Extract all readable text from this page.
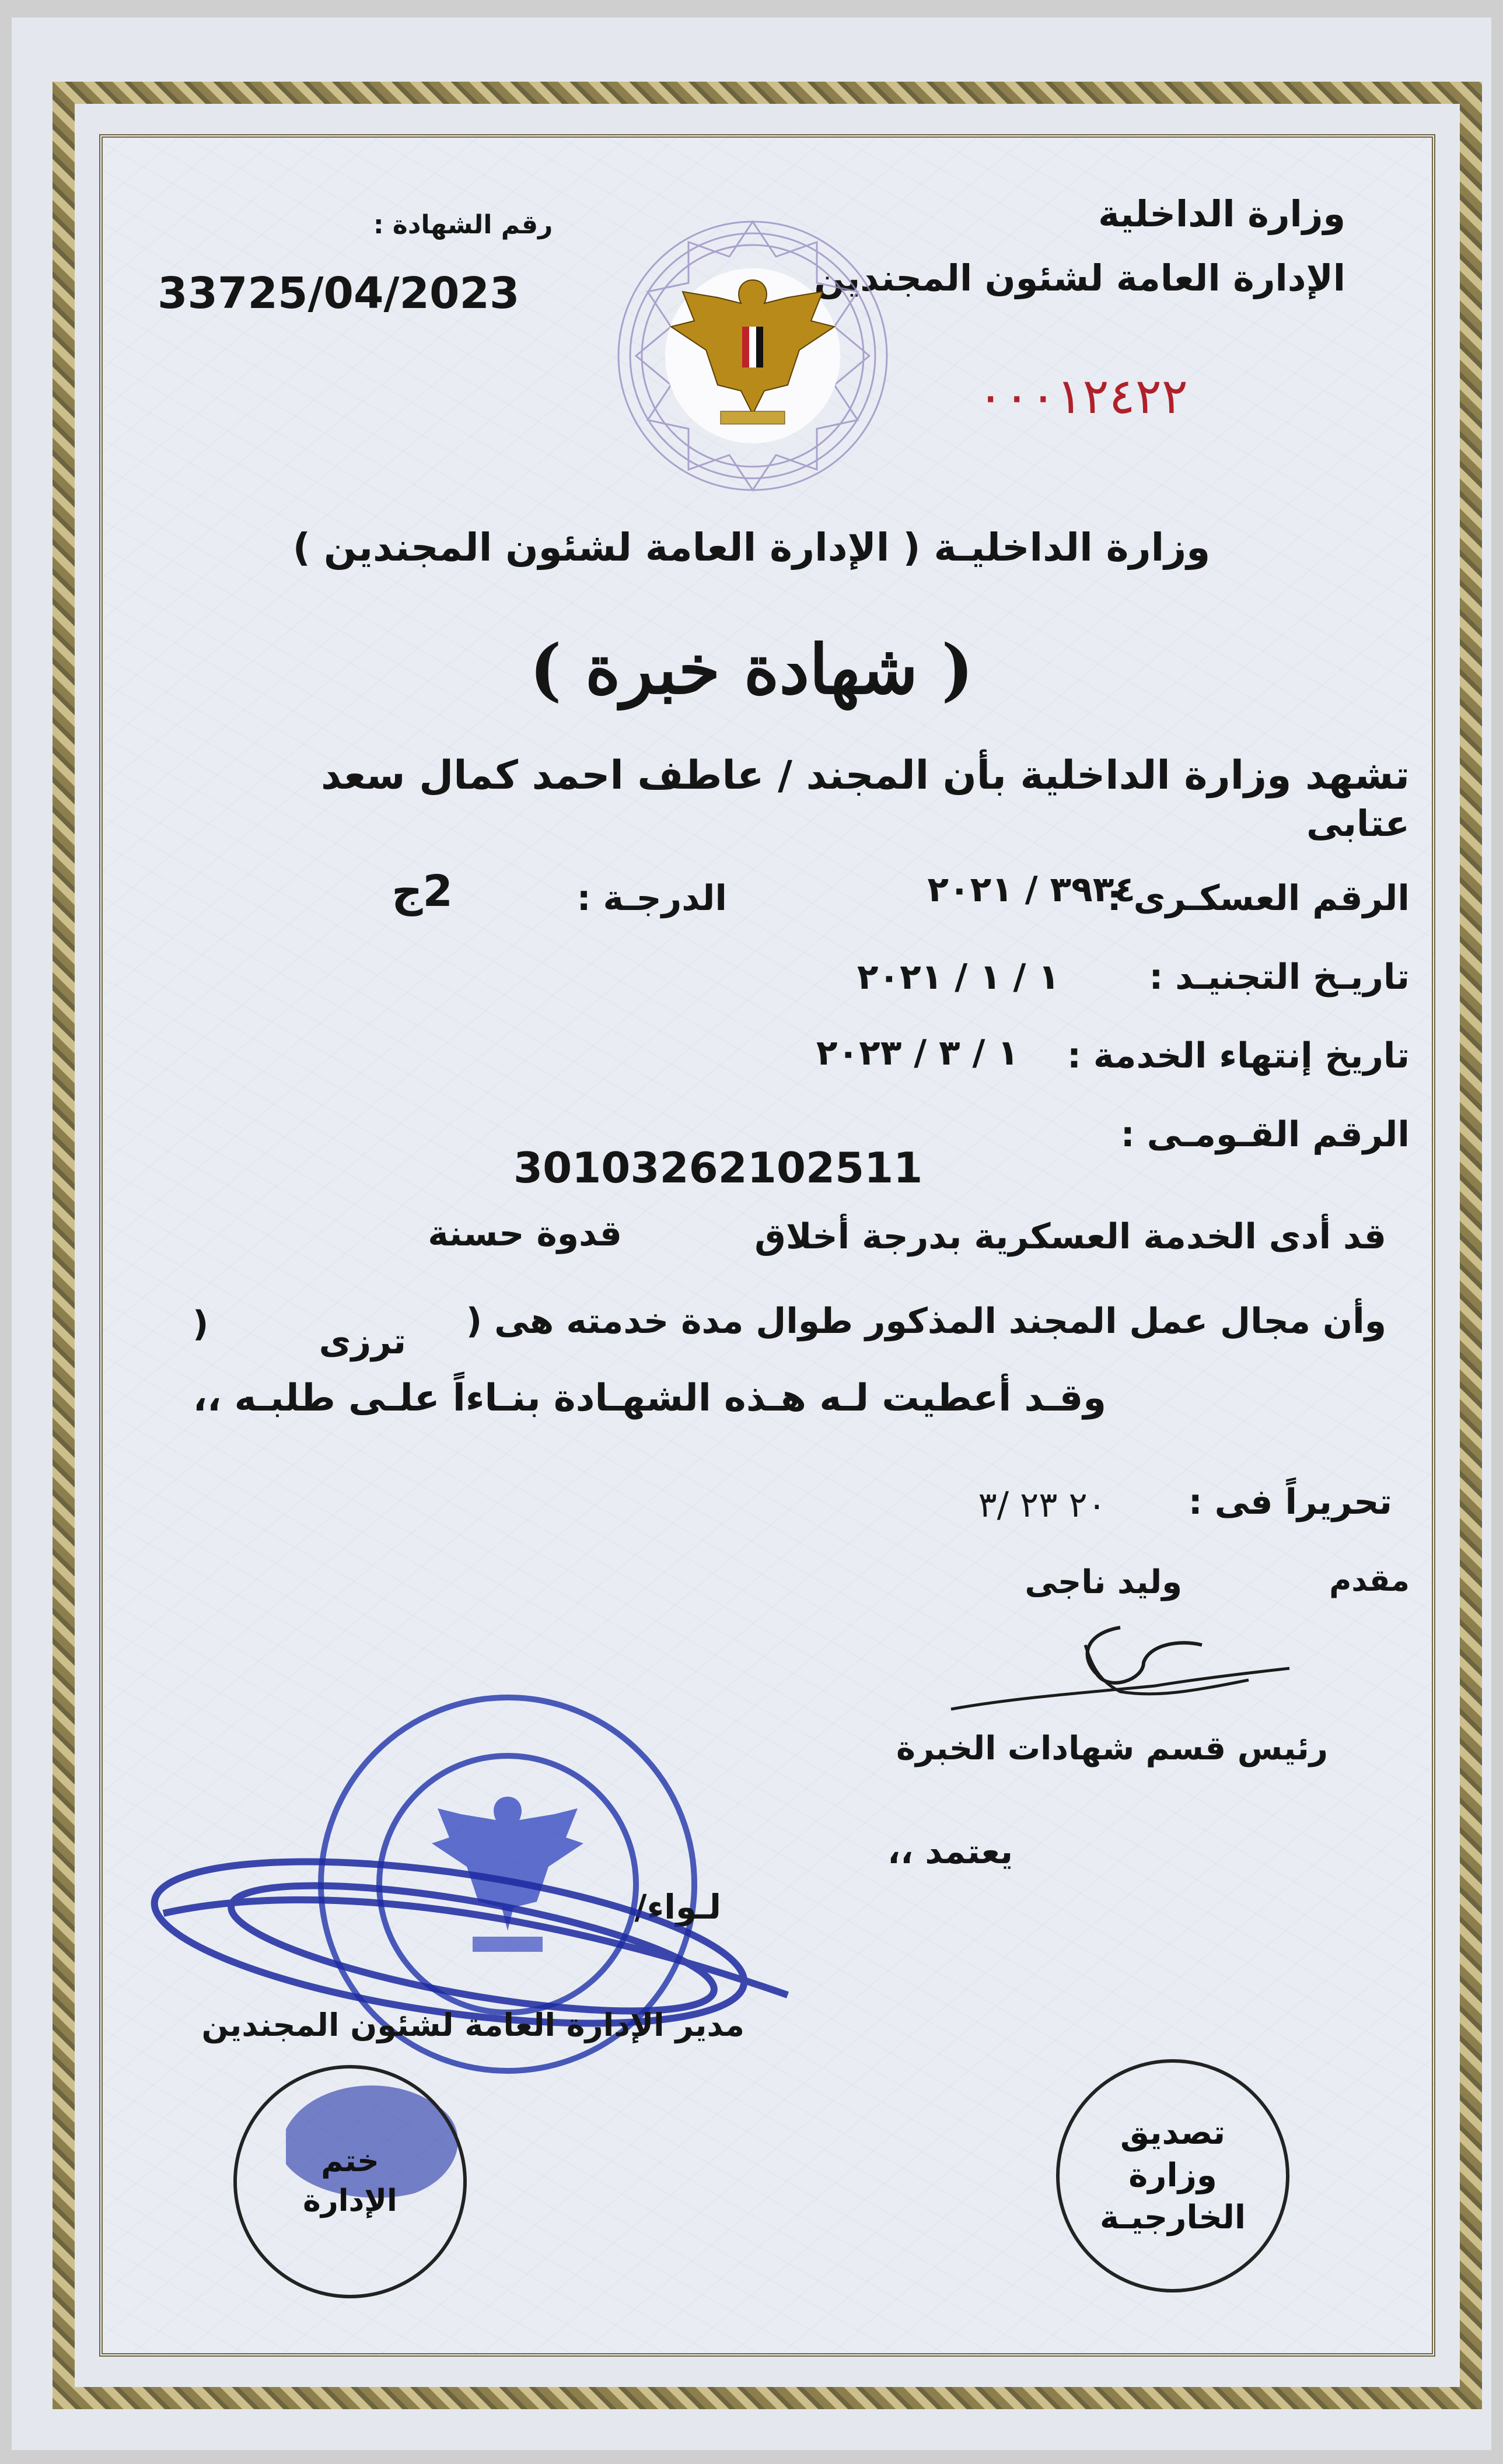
وزارة الداخلية
الإدارة العامة لشئون المجندين
٠٠٠١٢٤٢٢
رقم الشهادة :
33725/04/2023
وزارة الداخليـة ( الإدارة العامة لشئون المجندين )
( شهادة خبرة )
تشهد وزارة الداخلية بأن المجند / عاطف احمد كمال سعد
عتابى
الرقم العسكـرى :
٣٩٣٤ / ٢٠٢١
الدرجـة :
2ج
تاريـخ التجنيـد :
١ / ١ / ٢٠٢١
تاريخ إنتهاء الخدمة :
١ / ٣ / ٢٠٢٣
الرقم القـومـى :
30103262102511
قد أدى الخدمة العسكرية بدرجة أخلاق
قدوة حسنة
وأن مجال عمل المجند المذكور طوال مدة خدمته هى (
ترزى
)
وقـد أعطيت لـه هـذه الشهـادة بنـاءاً علـى طلبـه ،،
تحريراً فى :
٢٠ ٢٣ /٣
مقدم
وليد ناجى
رئيس قسم شهادات الخبرة
يعتمد ،،
لـواء/
مدير الإدارة العامة لشئون المجندين
ختم
الإدارة
تصديق
وزارة
الخارجيـة
